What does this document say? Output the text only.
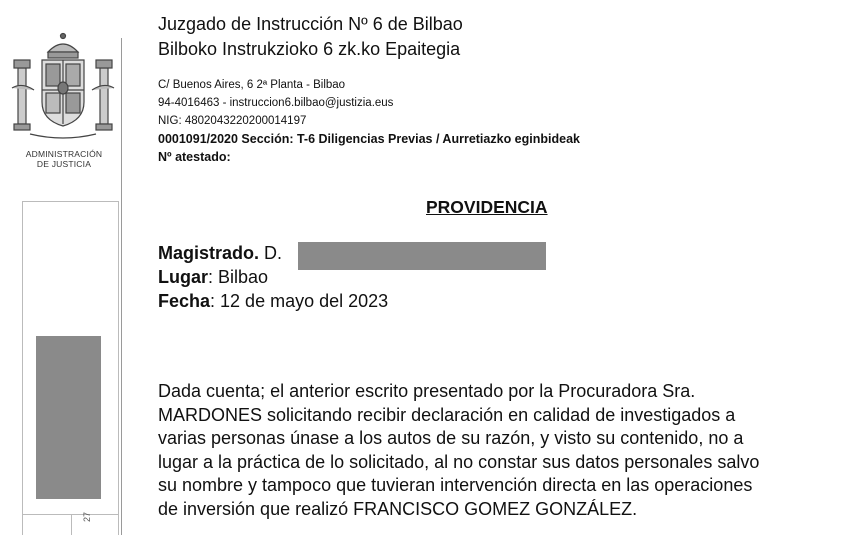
ADMINISTRACIÓN
DE JUSTICIA
27
Juzgado de Instrucción Nº 6 de Bilbao
Bilboko Instrukzioko 6 zk.ko Epaitegia
C/ Buenos Aires, 6 2ª Planta - Bilbao
94-4016463 - instruccion6.bilbao@justizia.eus
NIG: 4802043220200014197
0001091/2020 Sección: T-6 Diligencias Previas / Aurretiazko eginbideak
Nº atestado:
PROVIDENCIA
Magistrado. D.
Lugar: Bilbao
Fecha: 12 de mayo del 2023
Dada cuenta; el anterior escrito presentado por la Procuradora Sra.
MARDONES solicitando recibir declaración en calidad de investigados a
varias personas únase a los autos de su razón, y visto su contenido, no a
lugar a la práctica de lo solicitado, al no constar sus datos personales salvo
su nombre y tampoco que tuvieran intervención directa en las operaciones
de inversión que realizó FRANCISCO GOMEZ GONZÁLEZ.
